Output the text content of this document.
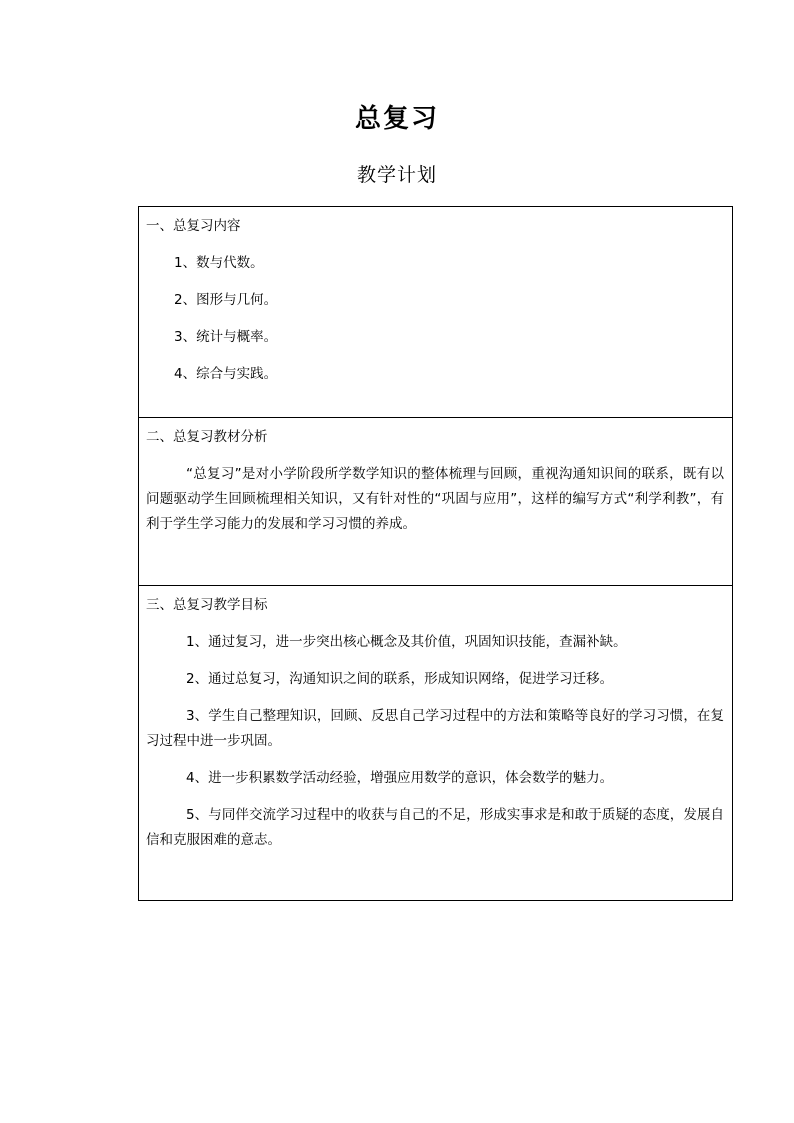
总复习
教学计划
一、总复习内容
1、数与代数。
2、图形与几何。
3、统计与概率。
4、综合与实践。
二、总复习教材分析
“总复习”是对小学阶段所学数学知识的整体梳理与回顾，重视沟通知识间的联系，既有以问题驱动学生回顾梳理相关知识，又有针对性的“巩固与应用”，这样的编写方式“利学利教”，有利于学生学习能力的发展和学习习惯的养成。
三、总复习教学目标
1、通过复习，进一步突出核心概念及其价值，巩固知识技能，查漏补缺。
2、通过总复习，沟通知识之间的联系，形成知识网络，促进学习迁移。
3、学生自己整理知识，回顾、反思自己学习过程中的方法和策略等良好的学习习惯，在复习过程中进一步巩固。
4、进一步积累数学活动经验，增强应用数学的意识，体会数学的魅力。
5、与同伴交流学习过程中的收获与自己的不足，形成实事求是和敢于质疑的态度，发展自信和克服困难的意志。
